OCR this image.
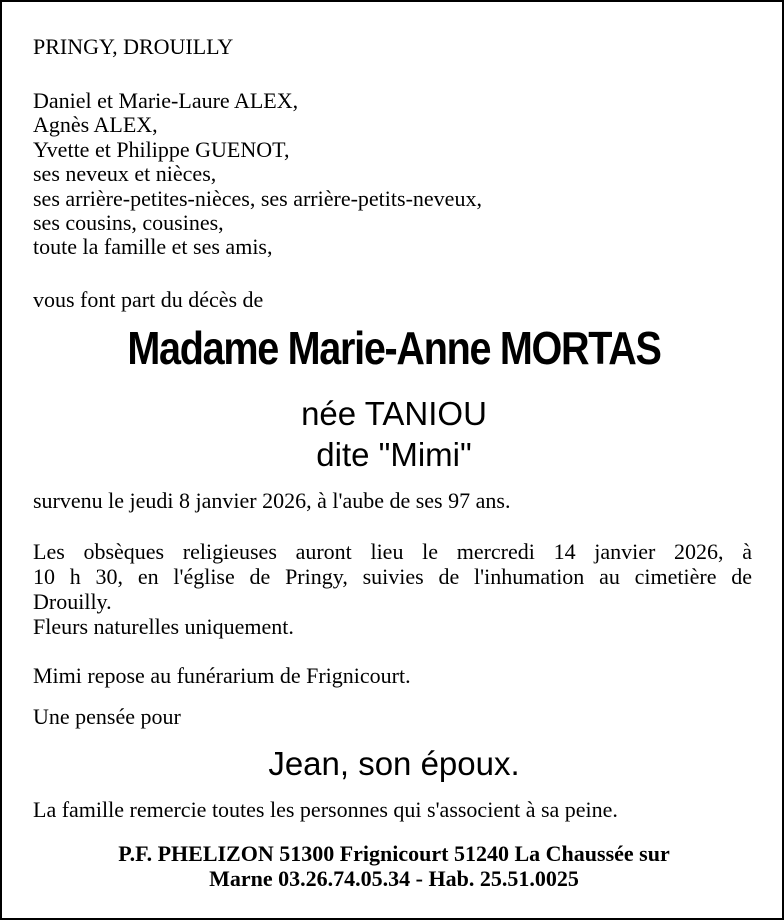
PRINGY, DROUILLY

Daniel et Marie-Laure ALEX,
Agnès ALEX,
Yvette et Philippe GUENOT,
ses neveux et nièces,
ses arrière-petites-nièces, ses arrière-petits-neveux,
ses cousins, cousines,
toute la famille et ses amis,

vous font part du décès de

Madame Marie-Anne MORTAS

née TANIOU

dite "Mimi"

survenu le jeudi 8 janvier 2026, à l'aube de ses 97 ans.

Les obsèques religieuses auront lieu le mercredi 14 janvier 2026, à
10 h 30, en l'église de Pringy, suivies de l'inhumation au cimetière de
Drouilly.
Fleurs naturelles uniquement.

Mimi repose au funérarium de Frignicourt.

Une pensée pour

Jean, son époux.

La famille remercie toutes les personnes qui s'associent à sa peine.

P.F. PHELIZON 51300 Frignicourt 51240 La Chaussée sur
Marne 03.26.74.05.34 - Hab. 25.51.0025
